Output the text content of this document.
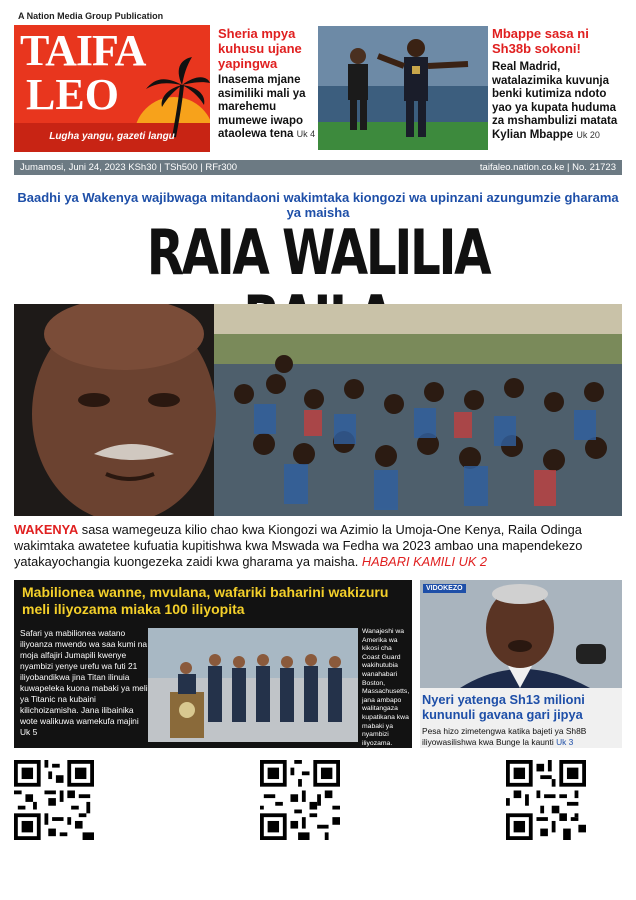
A Nation Media Group Publication
TAIFA
LEO
Lugha yangu, gazeti langu
Sheria mpya kuhusu ujane yapingwa
Inasema mjane asimiliki mali ya marehemu mumewe iwapo ataolewa tena Uk 4
Mbappe sasa ni Sh38b sokoni!
Real Madrid, watalazimika kuvunja benki kutimiza ndoto yao ya kupata huduma za mshambulizi matata Kylian Mbappe Uk 20
Jumamosi, Juni 24, 2023 KSh30 | TSh500 | RFr300	taifaleo.nation.co.ke | No. 21723
Baadhi ya Wakenya wajibwaga mitandaoni wakimtaka kiongozi wa upinzani azungumzie gharama ya maisha
RAIA WALILIA
WAKENYA sasa wamegeuza kilio chao kwa Kiongozi wa Azimio la Umoja-One Kenya, Raila Odinga wakimtaka awatetee kufuatia kupitishwa kwa Mswada wa Fedha wa 2023 ambao una mapendekezo yatakayochangia kuongezeka zaidi kwa gharama ya maisha. HABARI KAMILI UK 2
Mabilionea wanne, mvulana, wafariki baharini wakizuru meli iliyozama miaka 100 iliyopita
Safari ya mabilionea watano iliyoanza mwendo wa saa kumi na moja alfajiri Jumapili kwenye nyambizi yenye urefu wa futi 21 iliyobandikwa jina Titan ilinuia kuwapeleka kuona mabaki ya meli ya Titanic na kubaini kilichoizamisha. Jana ilibainika wote walikuwa wamekufa majini Uk 5
Wanajeshi wa Amerika wa kikosi cha Coast Guard wakihutubia wanahabari Boston, Massachusetts, jana ambapo walitangaza kupatikana kwa mabaki ya nyambizi iliyozama. Picha/AFP
VIDOKEZO
Nyeri yatenga Sh13 milioni kununuli gavana gari jipya
Pesa hizo zimetengwa katika bajeti ya Sh8B iliyowasilishwa kwa Bunge la kaunti Uk 3
